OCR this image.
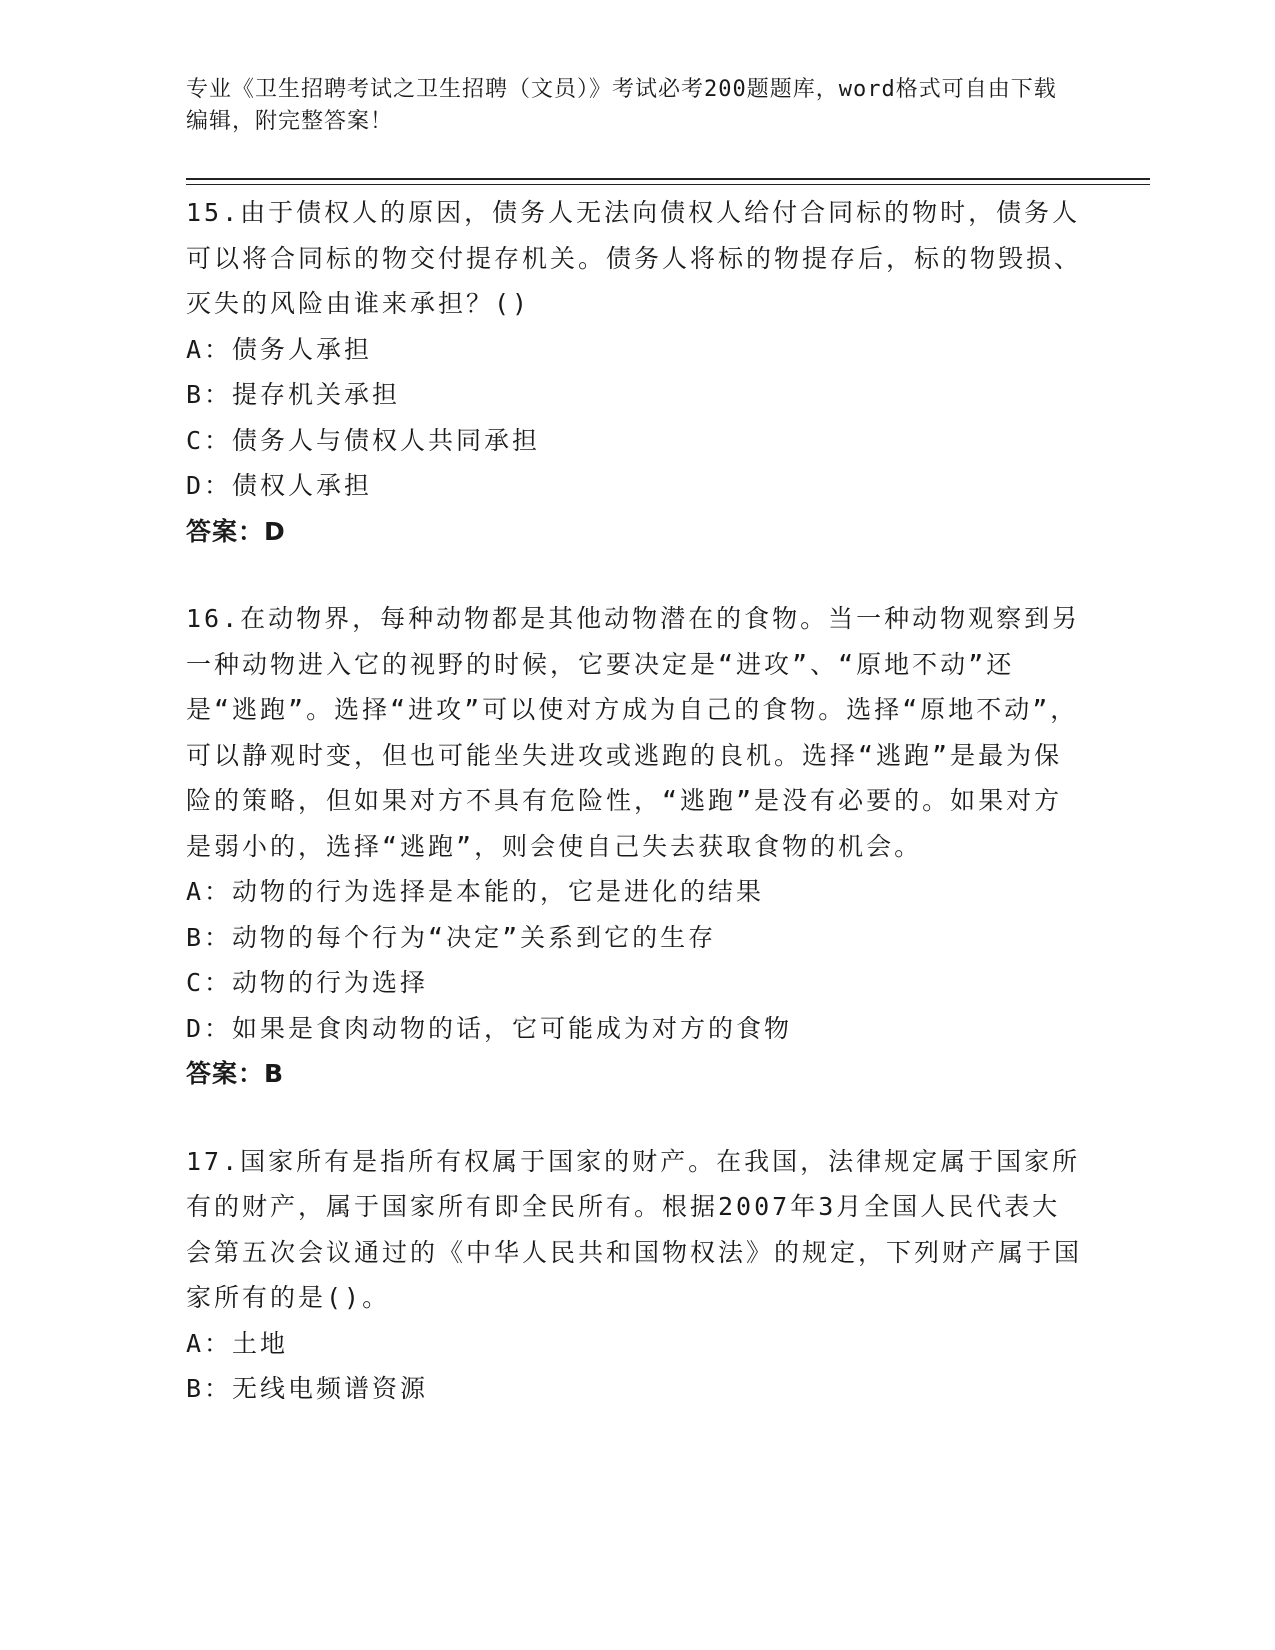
专业《卫生招聘考试之卫生招聘（文员）》考试必考200题题库，word格式可自由下载编辑，附完整答案！

15.由于债权人的原因，债务人无法向债权人给付合同标的物时，债务人可以将合同标的物交付提存机关。债务人将标的物提存后，标的物毁损、灭失的风险由谁来承担？()

A：债务人承担

B：提存机关承担

C：债务人与债权人共同承担

D：债权人承担

答案：D

16.在动物界，每种动物都是其他动物潜在的食物。当一种动物观察到另一种动物进入它的视野的时候，它要决定是“进攻”、“原地不动”还是“逃跑”。选择“进攻”可以使对方成为自己的食物。选择“原地不动”，可以静观时变，但也可能坐失进攻或逃跑的良机。选择“逃跑”是最为保险的策略，但如果对方不具有危险性，“逃跑”是没有必要的。如果对方是弱小的，选择“逃跑”，则会使自己失去获取食物的机会。

A：动物的行为选择是本能的，它是进化的结果

B：动物的每个行为“决定”关系到它的生存

C：动物的行为选择

D：如果是食肉动物的话，它可能成为对方的食物

答案：B

17.国家所有是指所有权属于国家的财产。在我国，法律规定属于国家所有的财产，属于国家所有即全民所有。根据2007年3月全国人民代表大会第五次会议通过的《中华人民共和国物权法》的规定，下列财产属于国家所有的是()。

A：土地

B：无线电频谱资源
